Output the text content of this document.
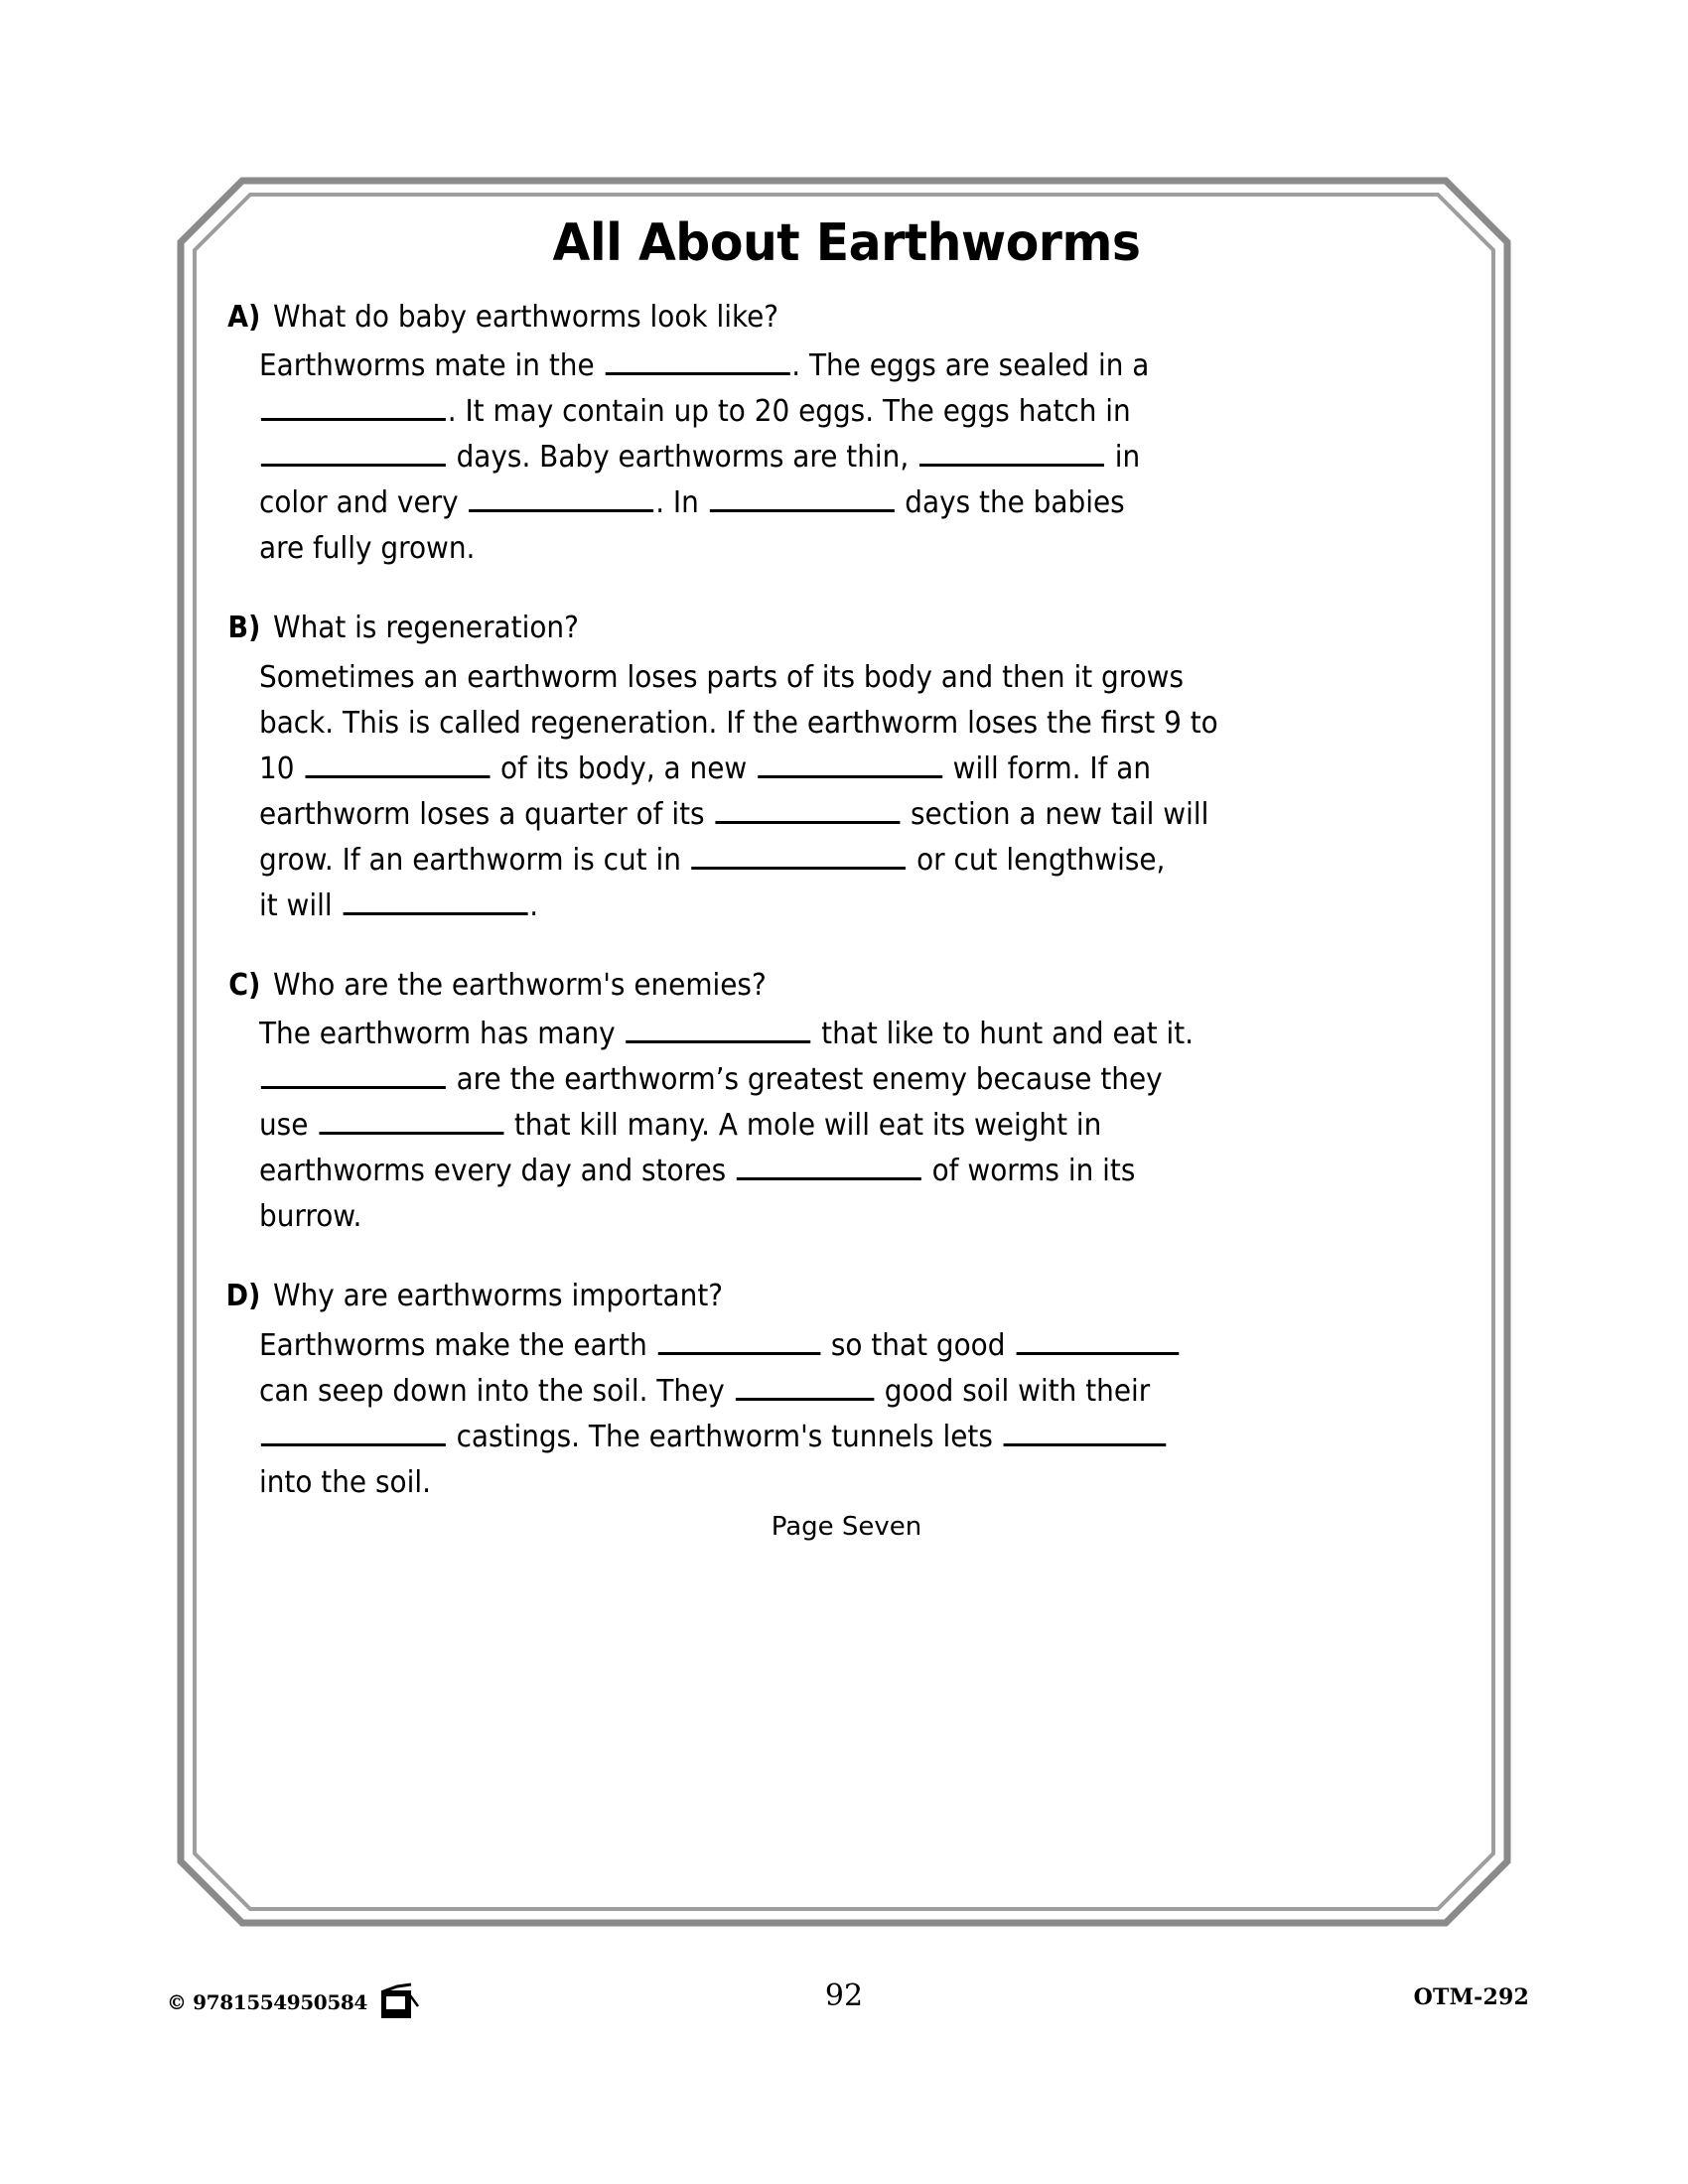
All About Earthworms
A) What do baby earthworms look like?
Earthworms mate in the	. The eggs are sealed in a
. It may contain up to 20 eggs. The eggs hatch in
days. Baby earthworms are thin,	in
color and very	. In	days the babies
are fully grown.
B) What is regeneration?
Sometimes an earthworm loses parts of its body and then it grows
back. This is called regeneration. If the earthworm loses the first 9 to
10	of its body, a new	will form. If an
earthworm loses a quarter of its	section a new tail will
grow. If an earthworm is cut in	or cut lengthwise,
it will	.
C) Who are the earthworm's enemies?
The earthworm has many	that like to hunt and eat it.
are the earthworm’s greatest enemy because they
use	that kill many. A mole will eat its weight in
earthworms every day and stores	of worms in its
burrow.
D) Why are earthworms important?
Earthworms make the earth	so that good
can seep down into the soil. They	good soil with their
castings. The earthworm's tunnels lets
into the soil.
Page Seven
© 9781554950584	92	OTM-292
